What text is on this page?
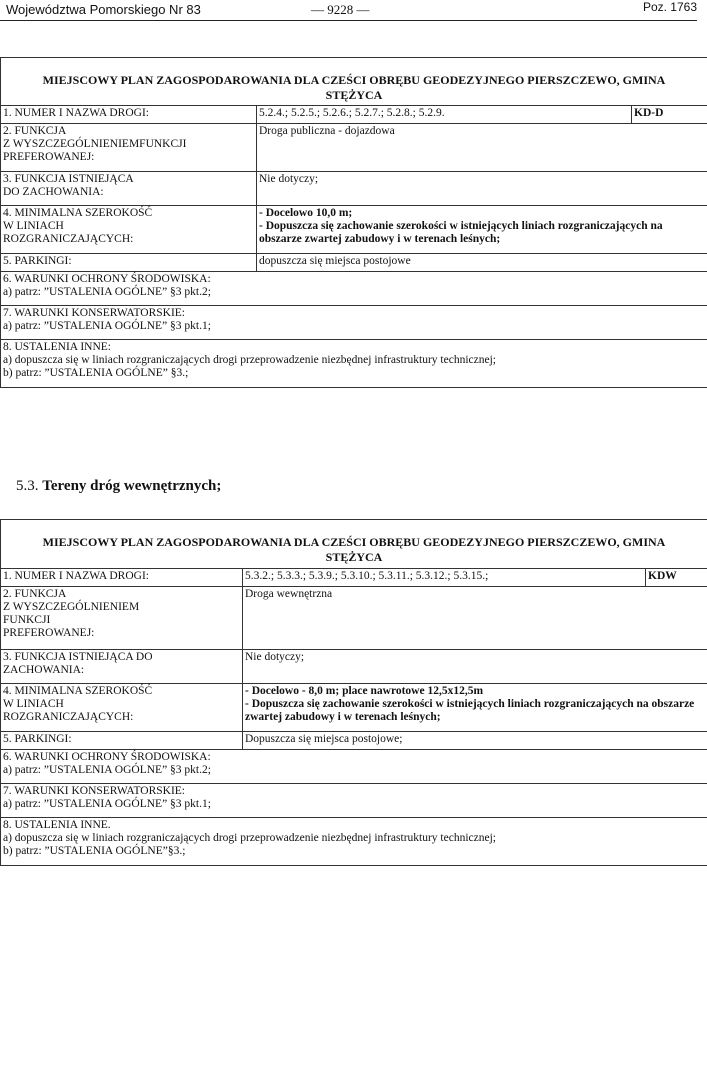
Województwa Pomorskiego Nr 83	— 9228 —	Poz. 1763
MIEJSCOWY PLAN ZAGOSPODAROWANIA DLA CZEŚCI OBRĘBU GEODEZYJNEGO PIERSZCZEWO, GMINA STĘŻYCA		
1. NUMER I NAZWA DROGI:	5.2.4.; 5.2.5.; 5.2.6.; 5.2.7.; 5.2.8.; 5.2.9.	KD-D
2. FUNKCJA
Z WYSZCZEGÓLNIENIEMFUNKCJI
PREFEROWANEJ:	Droga publiczna - dojazdowa	
3. FUNKCJA ISTNIEJĄCA
DO ZACHOWANIA:	Nie dotyczy;	
4. MINIMALNA SZEROKOŚĆ
W LINIACH
ROZGRANICZAJĄCYCH:	- Docelowo 10,0 m;
- Dopuszcza się zachowanie szerokości w istniejących liniach rozgraniczających na obszarze zwartej zabudowy i w terenach leśnych;	

5. PARKINGI:	dopuszcza się miejsca postojowe	

6. WARUNKI OCHRONY ŚRODOWISKA:
a) patrz: ”USTALENIA OGÓLNE” §3 pkt.2;		

7. WARUNKI KONSERWATORSKIE:
a) patrz: ”USTALENIA OGÓLNE” §3 pkt.1;		

8. USTALENIA INNE:
a) dopuszcza się w liniach rozgraniczających drogi przeprowadzenie niezbędnej infrastruktury technicznej;
b) patrz: ”USTALENIA OGÓLNE” §3.;		
5.3. Tereny dróg wewnętrznych;
MIEJSCOWY PLAN ZAGOSPODAROWANIA DLA CZEŚCI OBRĘBU GEODEZYJNEGO PIERSZCZEWO, GMINA STĘŻYCA		
1. NUMER I NAZWA DROGI:	5.3.2.; 5.3.3.; 5.3.9.; 5.3.10.; 5.3.11.; 5.3.12.; 5.3.15.;	KDW
2. FUNKCJA
Z WYSZCZEGÓLNIENIEM
FUNKCJI
PREFEROWANEJ:	Droga wewnętrzna	
3. FUNKCJA ISTNIEJĄCA DO
ZACHOWANIA:	Nie dotyczy;	
4. MINIMALNA SZEROKOŚĆ
W LINIACH
ROZGRANICZAJĄCYCH:	- Docelowo - 8,0 m; place nawrotowe 12,5x12,5m
- Dopuszcza się zachowanie szerokości w istniejących liniach rozgraniczających na obszarze zwartej zabudowy i w terenach leśnych;	

5. PARKINGI:	Dopuszcza się miejsca postojowe;	

6. WARUNKI OCHRONY ŚRODOWISKA:
a) patrz: ”USTALENIA OGÓLNE” §3 pkt.2;		

7. WARUNKI KONSERWATORSKIE:
a) patrz: ”USTALENIA OGÓLNE” §3 pkt.1;		

8. USTALENIA INNE.
a) dopuszcza się w liniach rozgraniczających drogi przeprowadzenie niezbędnej infrastruktury technicznej;
b) patrz: ”USTALENIA OGÓLNE”§3.;		
